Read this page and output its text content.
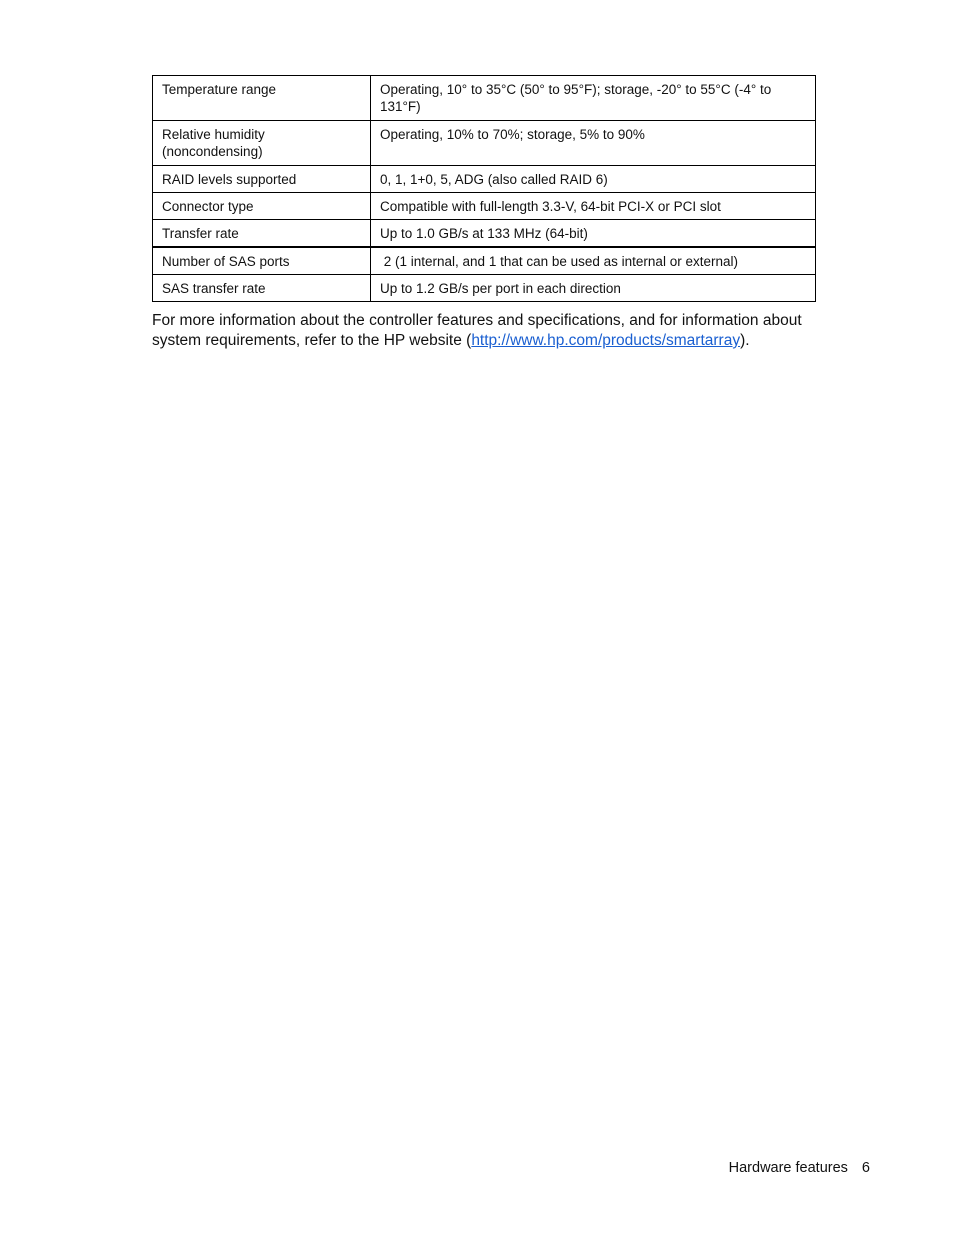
Temperature range	Operating, 10° to 35°C (50° to 95°F); storage, -20° to 55°C (-4° to 131°F)
Relative humidity (noncondensing)	Operating, 10% to 70%; storage, 5% to 90%
RAID levels supported	0, 1, 1+0, 5, ADG (also called RAID 6)
Connector type	Compatible with full-length 3.3-V, 64-bit PCI-X or PCI slot
Transfer rate	Up to 1.0 GB/s at 133 MHz (64-bit)
Number of SAS ports	2 (1 internal, and 1 that can be used as internal or external)
SAS transfer rate	Up to 1.2 GB/s per port in each direction

For more information about the controller features and specifications, and for information about system requirements, refer to the HP website (http://www.hp.com/products/smartarray).

Hardware features 6
